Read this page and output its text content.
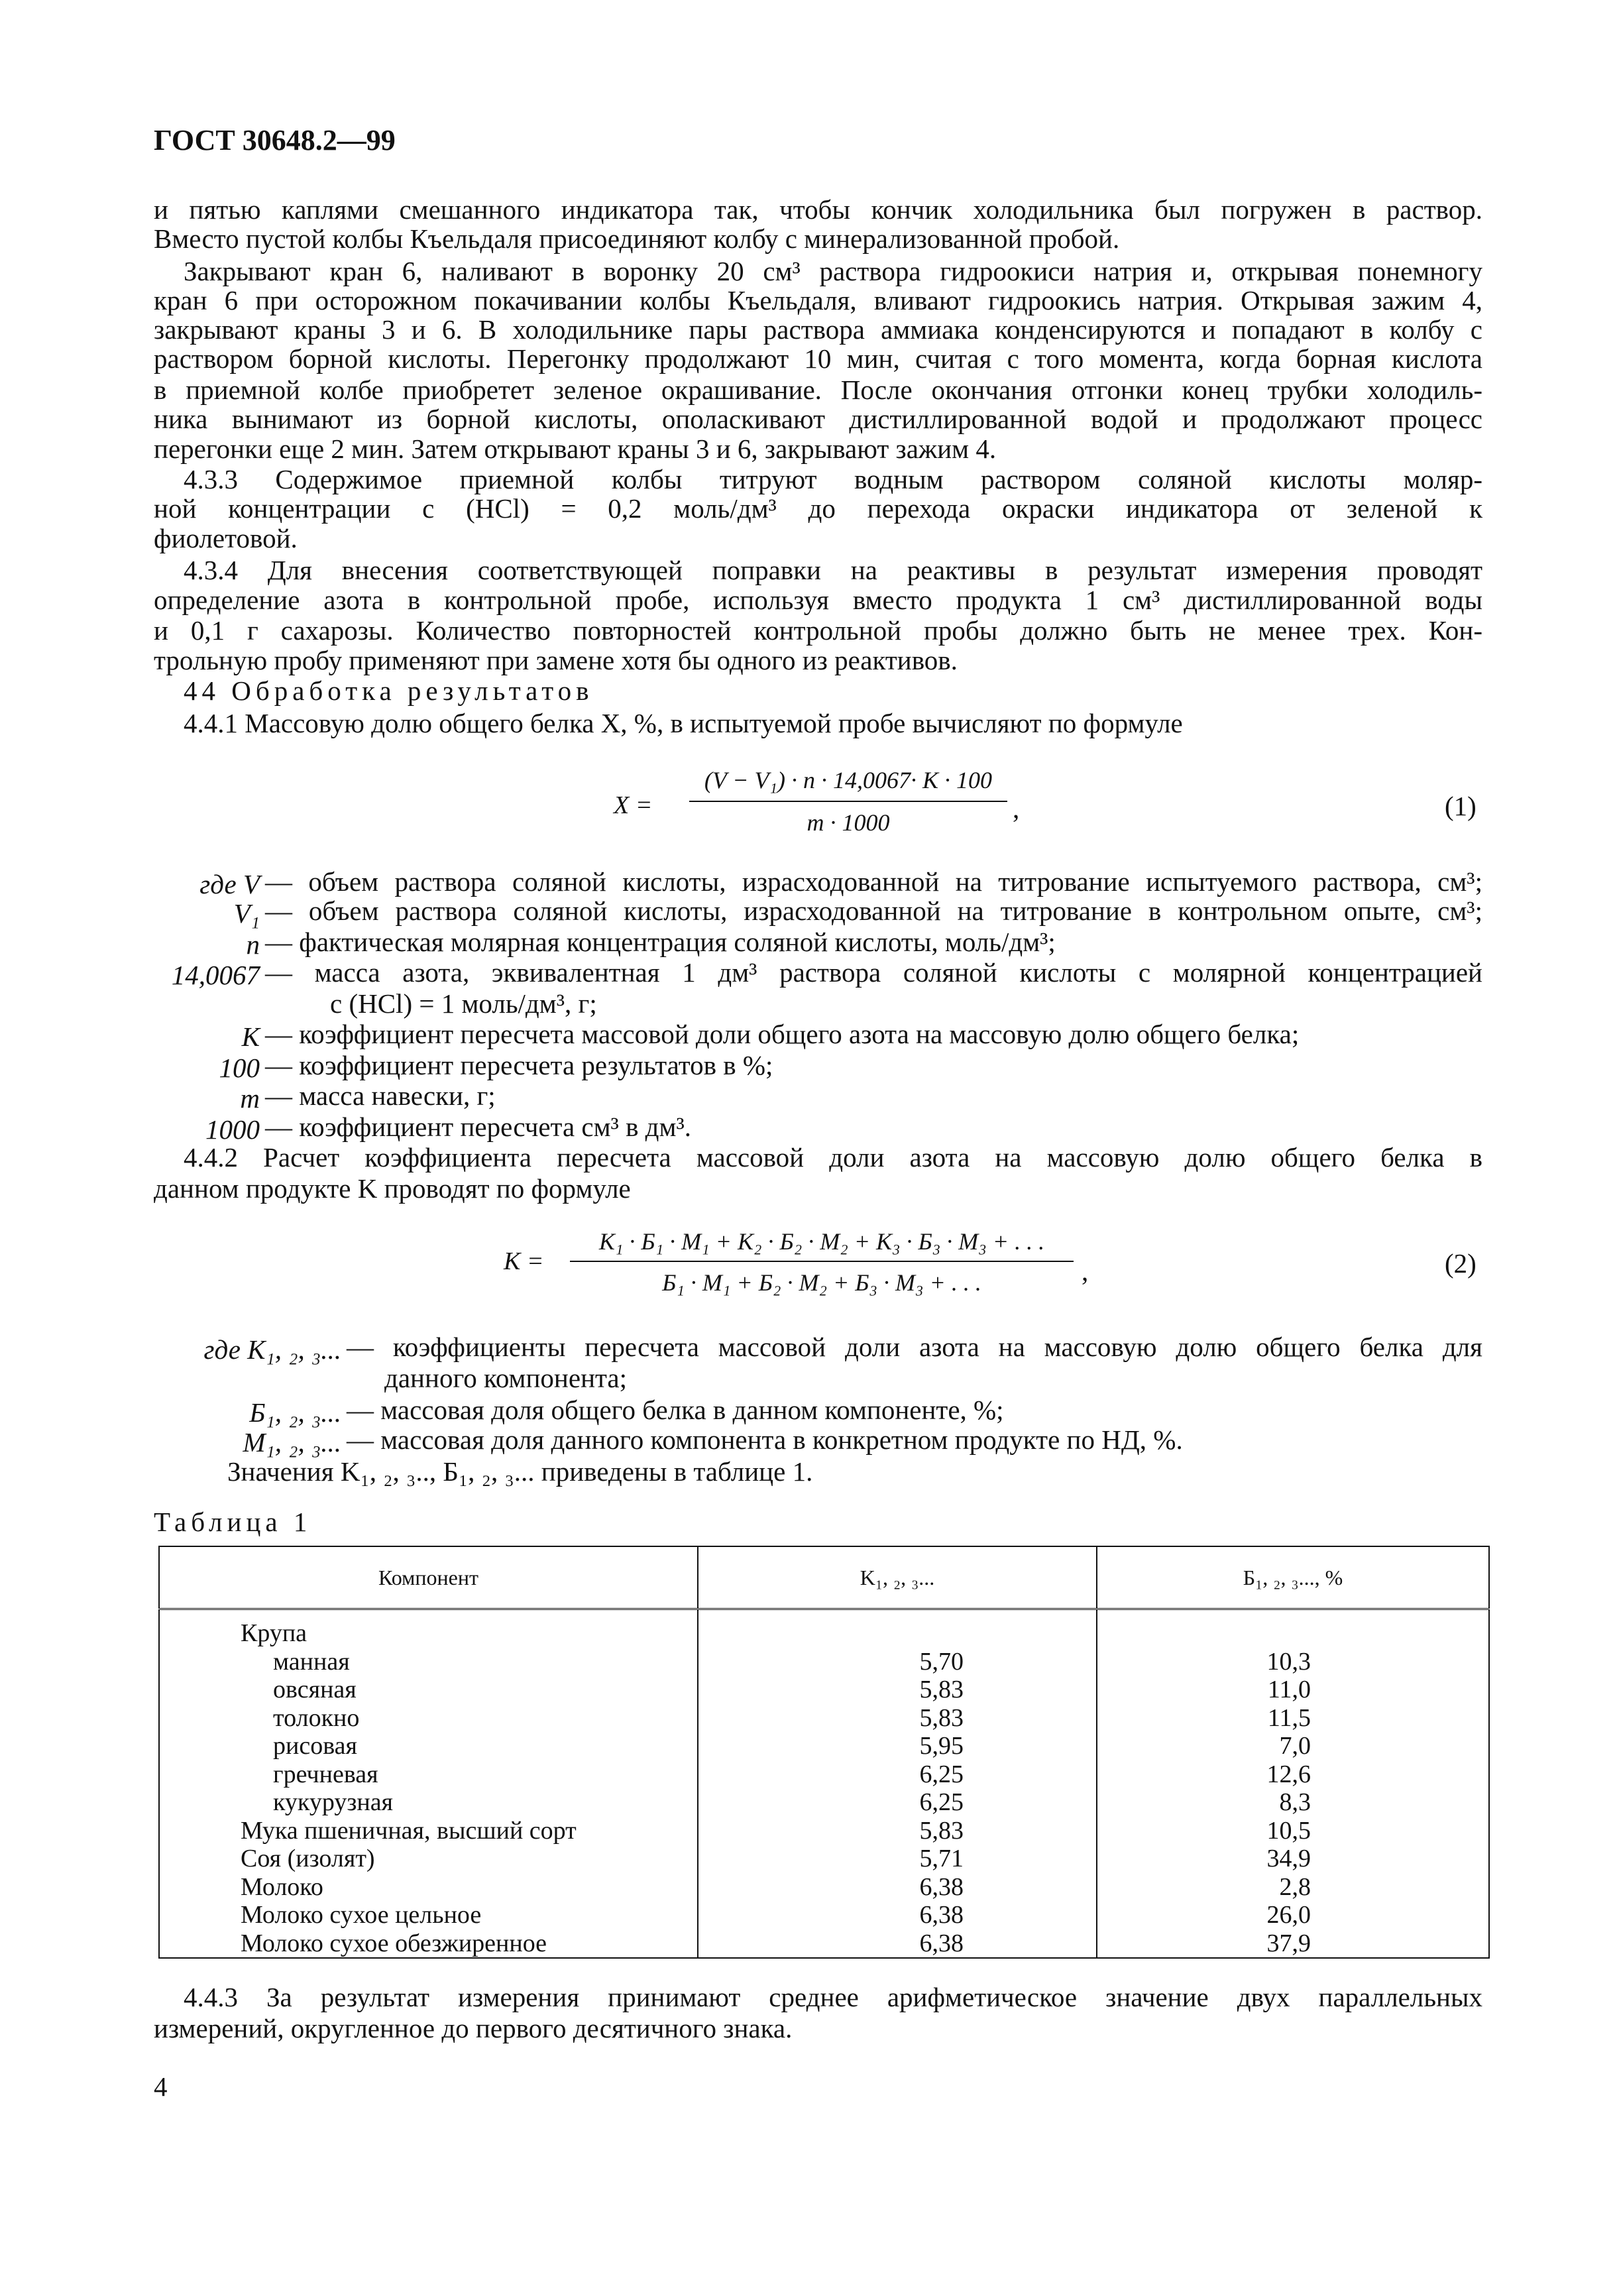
ГОСТ 30648.2—99
и пятью каплями смешанного индикатора так, чтобы кончик холодильника был погружен в раствор.
Вместо пустой колбы Къельдаля присоединяют колбу с минерализованной пробой.
Закрывают кран 6, наливают в воронку 20 см³ раствора гидроокиси натрия и, открывая понемногу
кран 6 при осторожном покачивании колбы Къельдаля, вливают гидроокись натрия. Открывая зажим 4,
закрывают краны 3 и 6. В холодильнике пары раствора аммиака конденсируются и попадают в колбу с
раствором борной кислоты. Перегонку продолжают 10 мин, считая с того момента, когда борная кислота
в приемной колбе приобретет зеленое окрашивание. После окончания отгонки конец трубки холодиль-
ника вынимают из борной кислоты, ополаскивают дистиллированной водой и продолжают процесс
перегонки еще 2 мин. Затем открывают краны 3 и 6, закрывают зажим 4.
4.3.3 Содержимое приемной колбы титруют водным раствором соляной кислоты моляр-
ной концентрации с (HCl) = 0,2 моль/дм³ до перехода окраски индикатора от зеленой к
фиолетовой.
4.3.4 Для внесения соответствующей поправки на реактивы в результат измерения проводят
определение азота в контрольной пробе, используя вместо продукта 1 см³ дистиллированной воды
и 0,1 г сахарозы. Количество повторностей контрольной пробы должно быть не менее трех. Кон-
трольную пробу применяют при замене хотя бы одного из реактивов.
44 Обработка результатов
4.4.1 Массовую долю общего белка X, %, в испытуемой пробе вычисляют по формуле
где V — объем раствора соляной кислоты, израсходованной на титрование испытуемого раствора, см³;
V₁ — объем раствора соляной кислоты, израсходованной на титрование в контрольном опыте, см³;
n — фактическая молярная концентрация соляной кислоты, моль/дм³;
14,0067 — масса азота, эквивалентная 1 дм³ раствора соляной кислоты с молярной концентрацией
c (HCl) = 1 моль/дм³, г;
K — коэффициент пересчета массовой доли общего азота на массовую долю общего белка;
100 — коэффициент пересчета результатов в %;
m — масса навески, г;
1000 — коэффициент пересчета см³ в дм³.
4.4.2 Расчет коэффициента пересчета массовой доли азота на массовую долю общего белка в
данном продукте K проводят по формуле
где K₁, ₂, ₃... — коэффициенты пересчета массовой доли азота на массовую долю общего белка для
данного компонента;
Б₁, ₂, ₃... — массовая доля общего белка в данном компоненте, %;
M₁, ₂, ₃... — массовая доля данного компонента в конкретном продукте по НД, %.
X =
(V − V₁) · n · 14,0067· K · 100
m · 1000	,	(1)
K =
K₁ · Б₁ · M₁ + K₂ · Б₂ · M₂ + K₃ · Б₃ · M₃ + . . .
Б₁ · M₁ + Б₂ · M₂ + Б₃ · M₃ + . . .	,	(2)
Значения K₁, ₂, ₃.., Б₁, ₂, ₃... приведены в таблице 1.
Таблица 1
Компонент	K₁, ₂, ₃...	Б₁, ₂, ₃..., %
Крупа		
манная	5,70	10,3
овсяная	5,83	11,0
толокно	5,83	11,5
рисовая	5,95	7,0
гречневая	6,25	12,6
кукурузная	6,25	8,3
Мука пшеничная, высший сорт	5,83	10,5
Соя (изолят)	5,71	34,9
Молоко	6,38	2,8
Молоко сухое цельное	6,38	26,0
Молоко сухое обезжиренное	6,38	37,9
4.4.3 За результат измерения принимают среднее арифметическое значение двух параллельных
измерений, округленное до первого десятичного знака.
4
